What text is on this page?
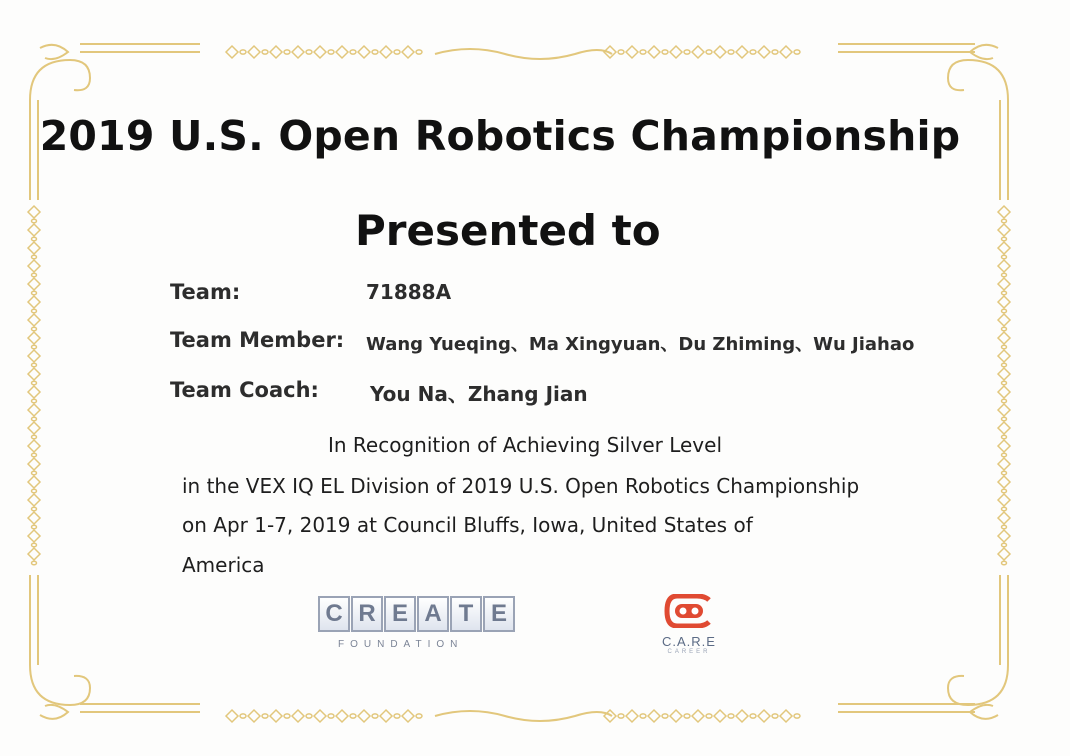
2019 U.S. Open Robotics Championship
Presented to
Team:	71888A
Team Member: Wang Yueqing、Ma Xingyuan、Du Zhiming、Wu Jiahao
Team Coach:	You Na、Zhang Jian
In Recognition of Achieving Silver Level
in the VEX IQ EL Division of 2019 U.S. Open Robotics Championship
on Apr 1-7, 2019 at Council Bluffs, Iowa, United States of
America
C R E A T E
FOUNDATION	C.A.R.E
CAREER
